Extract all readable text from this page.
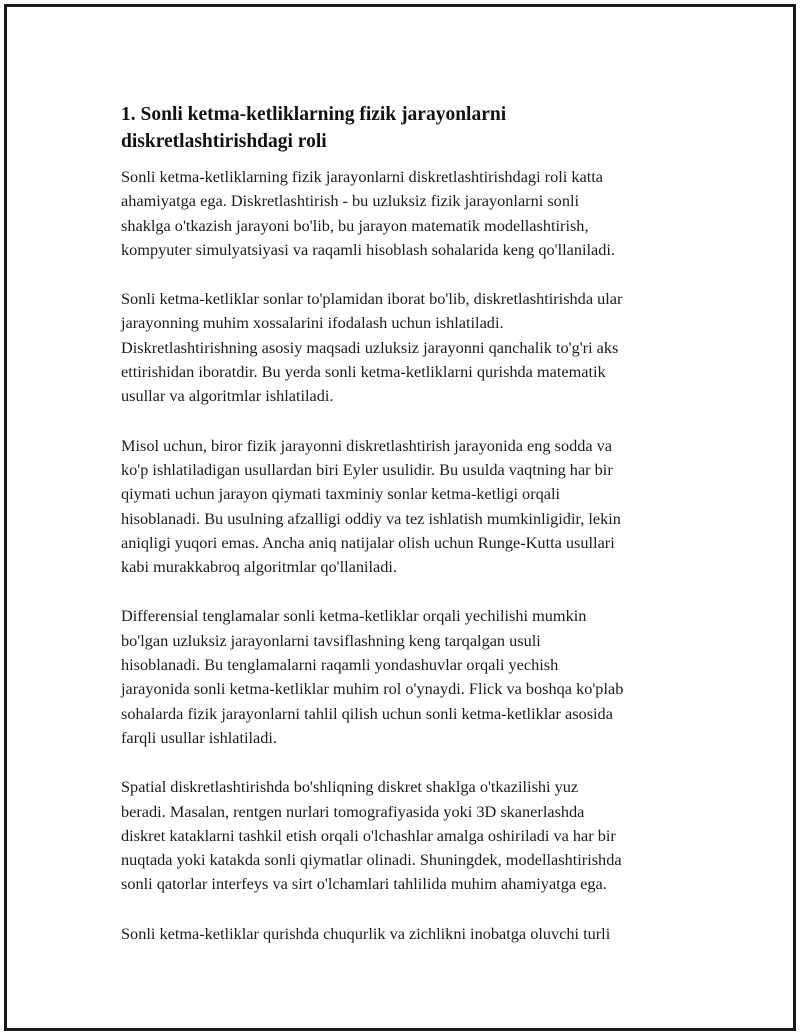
1. Sonli ketma-ketliklarning fizik jarayonlarni
diskretlashtirishdagi roli

Sonli ketma-ketliklarning fizik jarayonlarni diskretlashtirishdagi roli katta
ahamiyatga ega. Diskretlashtirish - bu uzluksiz fizik jarayonlarni sonli
shaklga o'tkazish jarayoni bo'lib, bu jarayon matematik modellashtirish,
kompyuter simulyatsiyasi va raqamli hisoblash sohalarida keng qo'llaniladi.

Sonli ketma-ketliklar sonlar to'plamidan iborat bo'lib, diskretlashtirishda ular
jarayonning muhim xossalarini ifodalash uchun ishlatiladi.
Diskretlashtirishning asosiy maqsadi uzluksiz jarayonni qanchalik to'g'ri aks
ettirishidan iboratdir. Bu yerda sonli ketma-ketliklarni qurishda matematik
usullar va algoritmlar ishlatiladi.

Misol uchun, biror fizik jarayonni diskretlashtirish jarayonida eng sodda va
ko'p ishlatiladigan usullardan biri Eyler usulidir. Bu usulda vaqtning har bir
qiymati uchun jarayon qiymati taxminiy sonlar ketma-ketligi orqali
hisoblanadi. Bu usulning afzalligi oddiy va tez ishlatish mumkinligidir, lekin
aniqligi yuqori emas. Ancha aniq natijalar olish uchun Runge-Kutta usullari
kabi murakkabroq algoritmlar qo'llaniladi.

Differensial tenglamalar sonli ketma-ketliklar orqali yechilishi mumkin
bo'lgan uzluksiz jarayonlarni tavsiflashning keng tarqalgan usuli
hisoblanadi. Bu tenglamalarni raqamli yondashuvlar orqali yechish
jarayonida sonli ketma-ketliklar muhim rol o'ynaydi. Flick va boshqa ko'plab
sohalarda fizik jarayonlarni tahlil qilish uchun sonli ketma-ketliklar asosida
farqli usullar ishlatiladi.

Spatial diskretlashtirishda bo'shliqning diskret shaklga o'tkazilishi yuz
beradi. Masalan, rentgen nurlari tomografiyasida yoki 3D skanerlashda
diskret kataklarni tashkil etish orqali o'lchashlar amalga oshiriladi va har bir
nuqtada yoki katakda sonli qiymatlar olinadi. Shuningdek, modellashtirishda
sonli qatorlar interfeys va sirt o'lchamlari tahlilida muhim ahamiyatga ega.

Sonli ketma-ketliklar qurishda chuqurlik va zichlikni inobatga oluvchi turli
